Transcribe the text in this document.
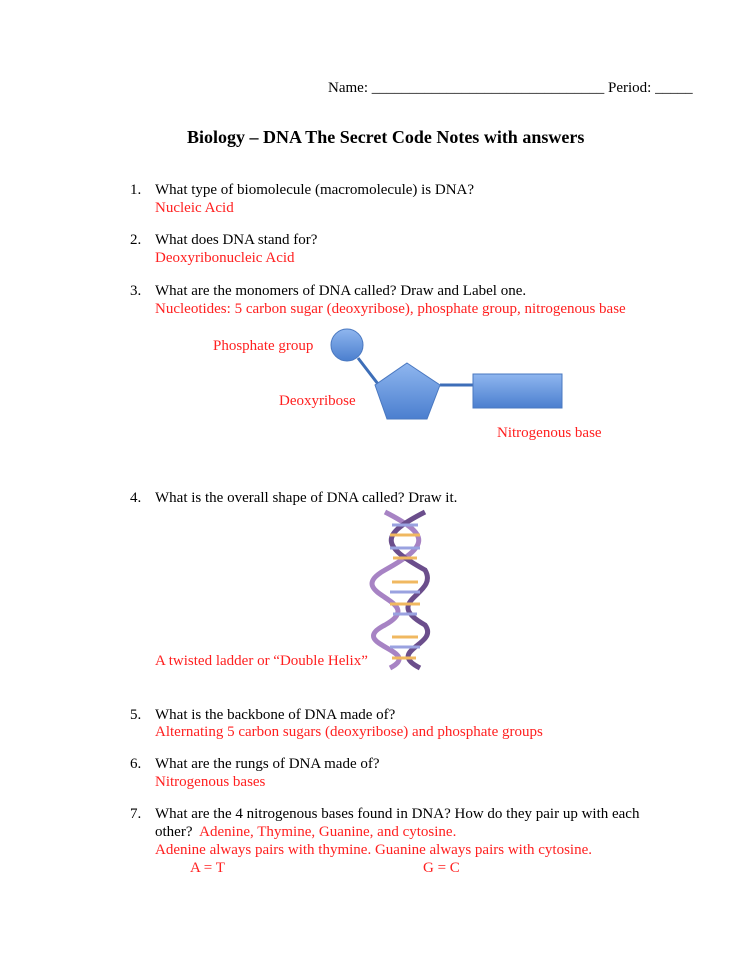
Name: _______________________________ Period: _____
Biology – DNA The Secret Code Notes with answers
1. What type of biomolecule (macromolecule) is DNA?
Nucleic Acid
2. What does DNA stand for?
Deoxyribonucleic Acid
3. What are the monomers of DNA called? Draw and Label one.
Nucleotides: 5 carbon sugar (deoxyribose), phosphate group, nitrogenous base
Phosphate group
Deoxyribose
Nitrogenous base
4. What is the overall shape of DNA called? Draw it.
A twisted ladder or “Double Helix”
5. What is the backbone of DNA made of?
Alternating 5 carbon sugars (deoxyribose) and phosphate groups
6. What are the rungs of DNA made of?
Nitrogenous bases
7. What are the 4 nitrogenous bases found in DNA? How do they pair up with each
other? Adenine, Thymine, Guanine, and cytosine.
Adenine always pairs with thymine. Guanine always pairs with cytosine.
A = T	G = C
